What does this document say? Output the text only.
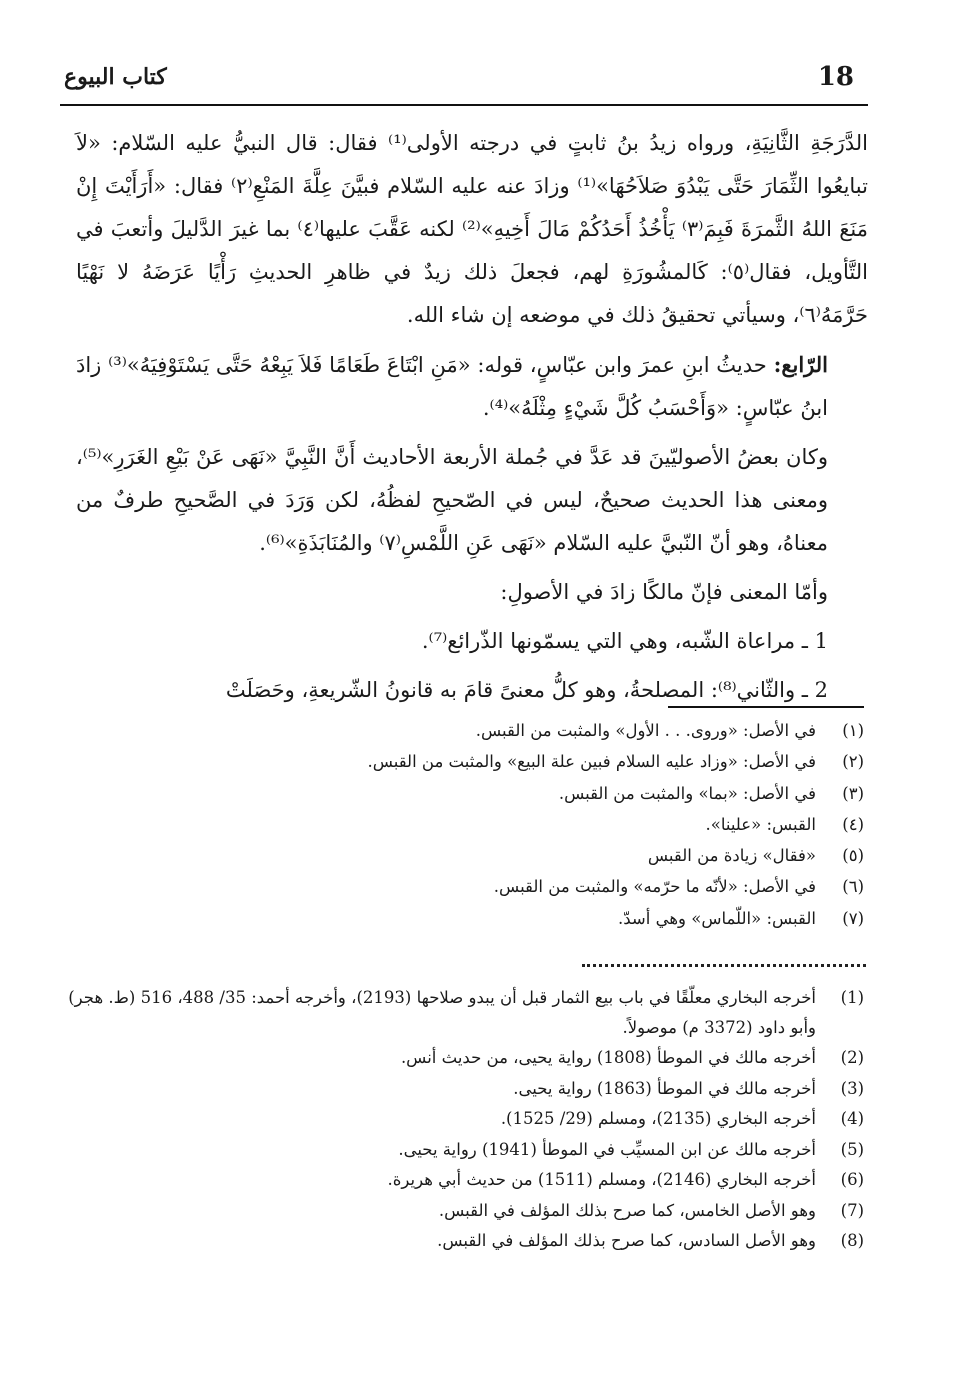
18
كتاب البيوع

الدَّرَجَةِ الثَّانِيَةِ، ورواه زيدُ بنُ ثابتٍ في درجته الأولى⁽¹⁾ فقال: قال النبيُّ عليه السّلام: «لاَ تبايعُوا الثِّمَارَ حَتَّى يَبْدُوَ صَلاَحُهَا»⁽¹⁾ وزادَ عنه عليه السّلام فبيَّنَ عِلَّةَ المَنْعِ⁽٢⁾ فقال: «أَرَأَيْتَ إِنْ مَنَعَ اللهُ الثَّمرَةَ فَبِمَ⁽٣⁾ يَأْخُذُ أَحَدُكُمْ مَالَ أَخِيهِ»⁽²⁾ لكنه عَقَّبَ عليها⁽٤⁾ بما غيرَ الدَّليلَ وأتعبَ في التَّأويل، فقال⁽٥⁾: كَالمشُورَةِ لهم، فجعلَ ذلك زيدٌ في ظاهرِ الحديثِ رَأْيًا عَرَضَهُ لا نَهْيًا حَرَّمَهُ⁽٦⁾، وسيأتي تحقيقُ ذلك في موضعه إن شاء الله.

الرّابع: حديثُ ابنِ عمرَ وابن عبّاسٍ، قوله: «مَنِ ابْتَاعَ طَعَامًا فَلاَ يَبِعْهُ حَتَّى يَسْتَوْفِيَهُ»⁽³⁾ زادَ ابنُ عبّاسٍ: «وَأَحْسَبُ كُلَّ شَيْءٍ مِثْلَهُ»⁽⁴⁾.

وكان بعضُ الأصوليّينَ قد عَدَّ في جُملة الأربعة الأحاديث أَنَّ النَّبِيَّ «نَهَى عَنْ بَيْعِ الغَرَرِ»⁽⁵⁾، ومعنى هذا الحديث صحيحٌ، ليس في الصّحيحِ لفظُهُ، لكن وَرَدَ في الصَّحيحِ طرفٌ من معناهُ، وهو أنّ النّبيَّ عليه السّلام «نَهَى عَنِ اللَّمْسِ⁽٧⁾ والمُنَابَذَةِ»⁽⁶⁾.

وأمّا المعنى فإنّ مالكًا زادَ في الأصولِ:

1 ـ مراعاة الشّبه، وهي التي يسمّونها الذّرائع⁽⁷⁾.

2 ـ والثّاني⁽⁸⁾: المصلحةُ، وهو كلُّ معنىً قامَ به قانونُ الشّريعةِ، وحَصَلَتْ

(١)
في الأصل: «وروى. . . الأول» والمثبت من القبس.
(٢)
في الأصل: «وزاد عليه السلام فبين علة البيع» والمثبت من القبس.
(٣)
في الأصل: «بما» والمثبت من القبس.
(٤)
القبس: «علينا».
(٥)
«فقال» زيادة من القبس
(٦)
في الأصل: «لأنّه ما حرّمه» والمثبت من القبس.
(٧)
القبس: «اللّماس» وهي أسدّ.
(1)
أخرجه البخاري معلّقًا في باب بيع الثمار قبل أن يبدو صلاحها (2193)، وأخرجه أحمد: 35/ 488، 516 (ط. هجر) وأبو داود (3372 م) موصولاً.
(2)
أخرجه مالك في الموطأ (1808) رواية يحيى، من حديث أنس.
(3)
أخرجه مالك في الموطأ (1863) رواية يحيى.
(4)
أخرجه البخاري (2135)، ومسلم (29/ 1525).
(5)
أخرجه مالك عن ابن المسيِّب في الموطأ (1941) رواية يحيى.
(6)
أخرجه البخاري (2146)، ومسلم (1511) من حديث أبي هريرة.
(7)
وهو الأصل الخامس، كما صرح بذلك المؤلف في القبس.
(8)
وهو الأصل السادس، كما صرح بذلك المؤلف في القبس.
